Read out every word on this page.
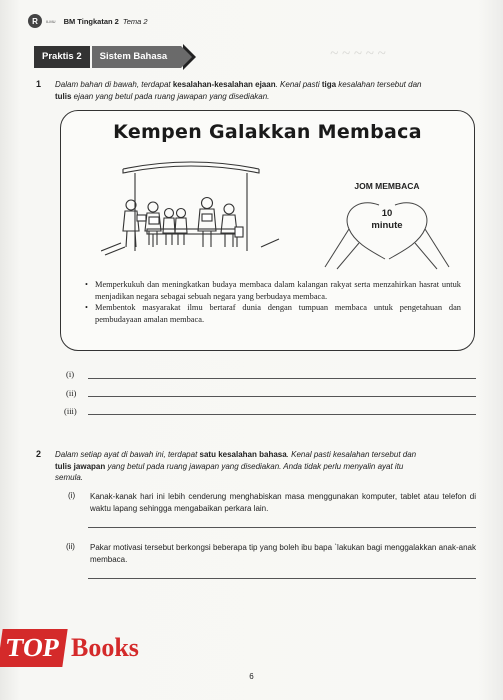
~ ~ ~ ~ ~
R	ILMU BM Tingkatan 2 Tema 2
Praktis 2	Sistem Bahasa
1 Dalam bahan di bawah, terdapat kesalahan-kesalahan ejaan. Kenal pasti tiga kesalahan tersebut dan
tulis ejaan yang betul pada ruang jawapan yang disediakan.
Kempen Galakkan Membaca
JOM MEMBACA
10
minute
• Memperkukuh dan meningkatkan budaya membaca dalam kalangan rakyat serta menzahirkan hasrat untuk menjadikan negara sebagai sebuah negara yang berbudaya membaca.
• Membentok masyarakat ilmu bertaraf dunia dengan tumpuan membaca untuk pengetahuan dan pembudayaan amalan membaca.
(i)
(ii)
(iii)
2 Dalam setiap ayat di bawah ini, terdapat satu kesalahan bahasa. Kenal pasti kesalahan tersebut dan
tulis jawapan yang betul pada ruang jawapan yang disediakan. Anda tidak perlu menyalin ayat itu
semula.
(i) Kanak-kanak hari ini lebih cenderung menghabiskan masa menggunakan komputer, tablet atau telefon di waktu lapang sehingga mengabaikan perkara lain.
(ii) Pakar motivasi tersebut berkongsi beberapa tip yang boleh ibu bapa ˋlakukan bagi menggalakkan anak-anak membaca.
TOP Books
6
